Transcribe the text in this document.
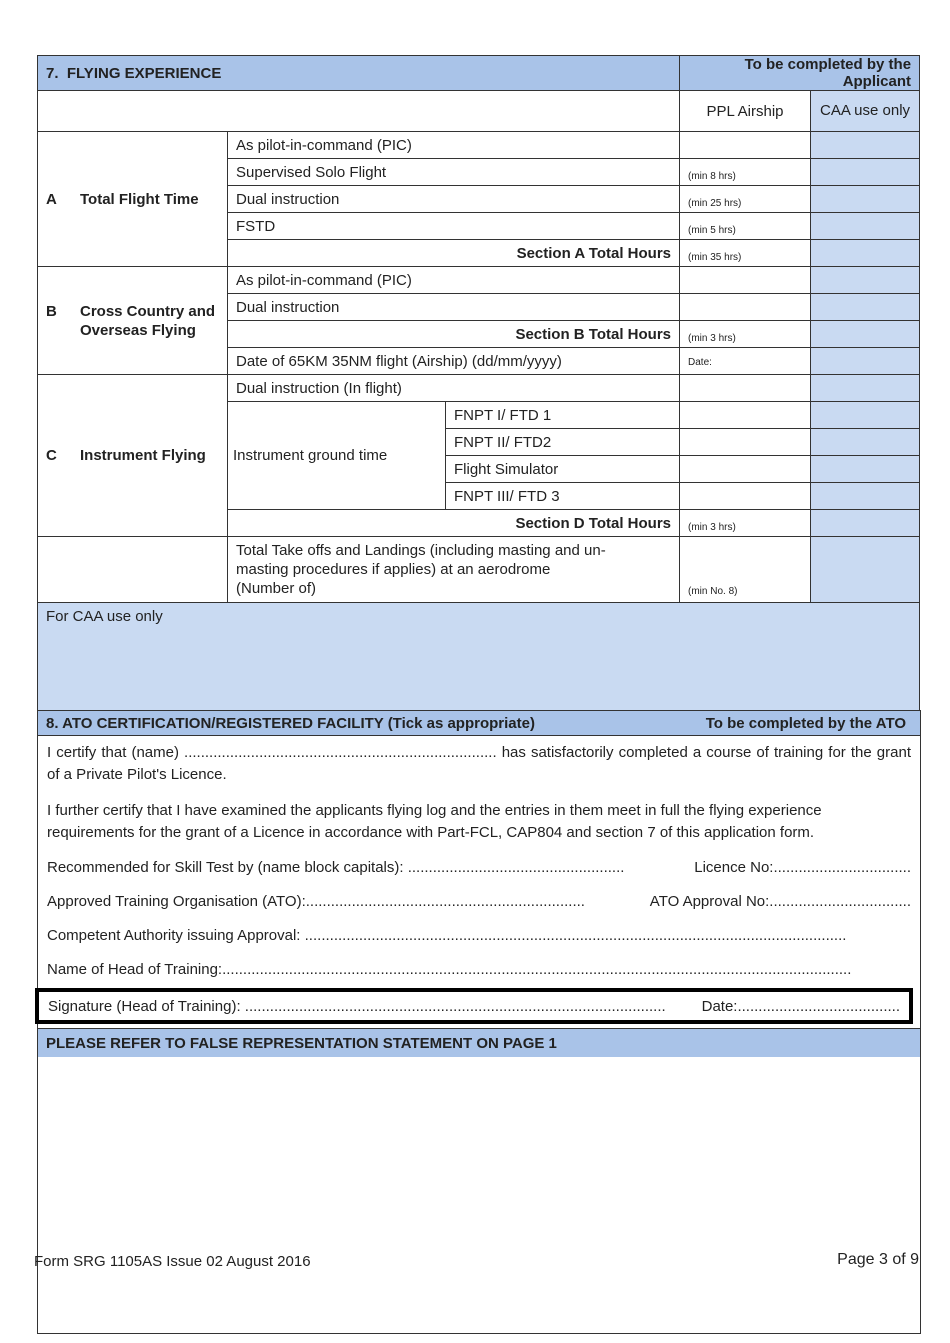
7. FLYING EXPERIENCE			To be completed by the Applicant	
			PPL Airship	CAA use only
A Total Flight Time	As pilot-in-command (PIC)			
	Supervised Solo Flight		(min 8 hrs)	

	Dual instruction		(min 25 hrs)	

	FSTD		(min 5 hrs)	

	Section A Total Hours		(min 35 hrs)	

B Cross Country and Overseas Flying	As pilot-in-command (PIC)			
	Dual instruction			
	Section B Total Hours		(min 3 hrs)	

	Date of 65KM 35NM flight (Airship) (dd/mm/yyyy)		Date:	

C Instrument Flying	Dual instruction (In flight)			
	Instrument ground time	FNPT I/ FTD 1		
		FNPT II/ FTD2		
		Flight Simulator		
		FNPT III/ FTD 3		
	Section D Total Hours		(min 3 hrs)	

	Total Take offs and Landings (including masting and un-masting procedures if applies) at an aerodrome (Number of)		(min No. 8)	

For CAA use only				
8. ATO CERTIFICATION/REGISTERED FACILITY (Tick as appropriate)	To be completed by the ATO
I certify that (name) ........................................................................... has satisfactorily completed a course of training for the grant of a Private Pilot's Licence.
I further certify that I have examined the applicants flying log and the entries in them meet in full the flying experience requirements for the grant of a Licence in accordance with Part-FCL, CAP804 and section 7 of this application form.
Recommended for Skill Test by (name block capitals): ....................................................	Licence No:.................................
Approved Training Organisation (ATO):...................................................................	ATO Approval No:..................................
Competent Authority issuing Approval: ..................................................................................................................................
Name of Head of Training:.......................................................................................................................................................
Signature (Head of Training): ..................................................................................................... Date:.......................................
PLEASE REFER TO FALSE REPRESENTATION STATEMENT ON PAGE 1
Form SRG 1105AS Issue 02 August 2016	Page 3 of 9
